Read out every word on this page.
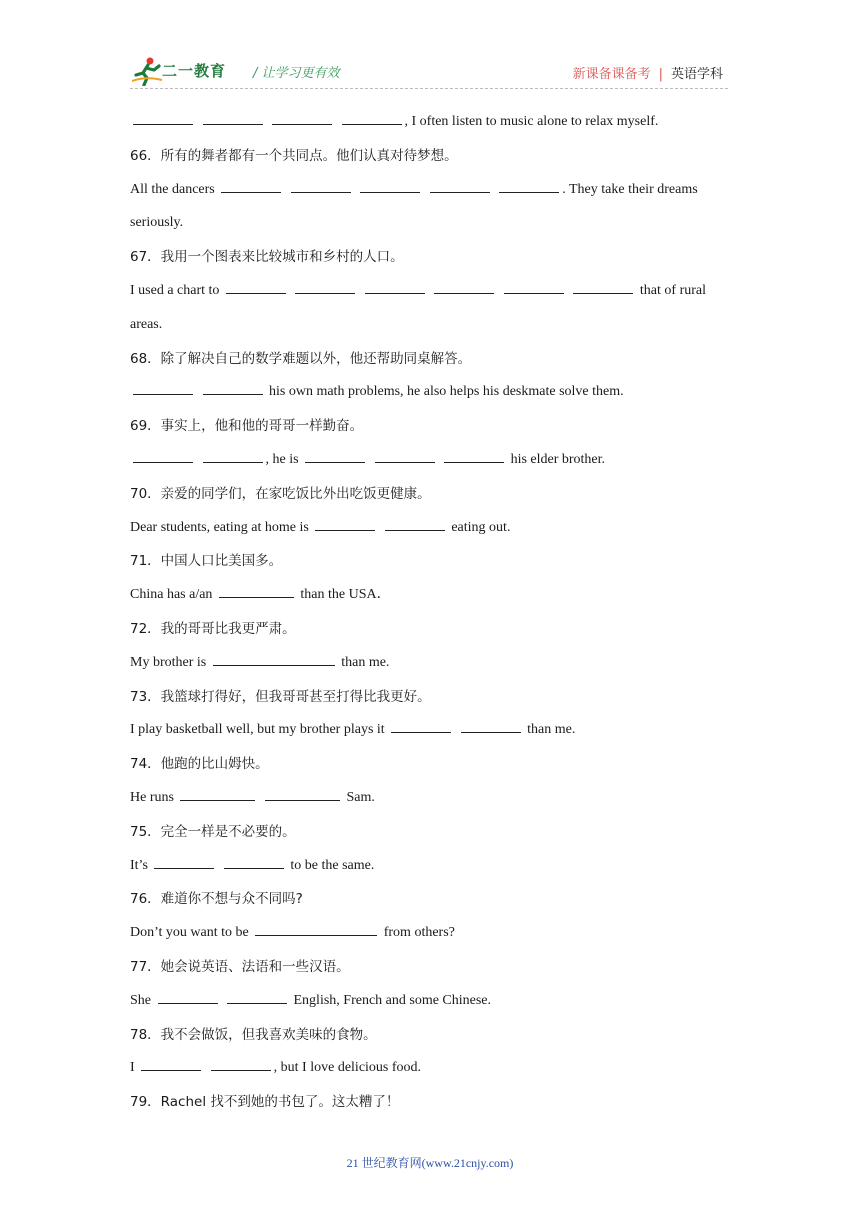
二一教育 / 让学习更有效	新课备课备考 | 英语学科
, I often listen to music alone to relax myself.
66．所有的舞者都有一个共同点。他们认真对待梦想。
All the dancers	. They take their dreams
seriously.
67．我用一个图表来比较城市和乡村的人口。
I used a chart to	that of rural
areas.
68．除了解决自己的数学难题以外，他还帮助同桌解答。
his own math problems, he also helps his deskmate solve them.
69．事实上，他和他的哥哥一样勤奋。
, he is	his elder brother.
70．亲爱的同学们，在家吃饭比外出吃饭更健康。
Dear students, eating at home is	eating out.
71．中国人口比美国多。
China has a/an	than the USA．
72．我的哥哥比我更严肃。
My brother is	than me.
73．我篮球打得好，但我哥哥甚至打得比我更好。
I play basketball well, but my brother plays it	than me.
74．他跑的比山姆快。
He runs	Sam.
75．完全一样是不必要的。
It’s	to be the same.
76．难道你不想与众不同吗?
Don’t you want to be	from others?
77．她会说英语、法语和一些汉语。
She	English, French and some Chinese.
78．我不会做饭，但我喜欢美味的食物。
I	, but I love delicious food.
79．Rachel 找不到她的书包了。这太糟了！
21 世纪教育网(www.21cnjy.com)
